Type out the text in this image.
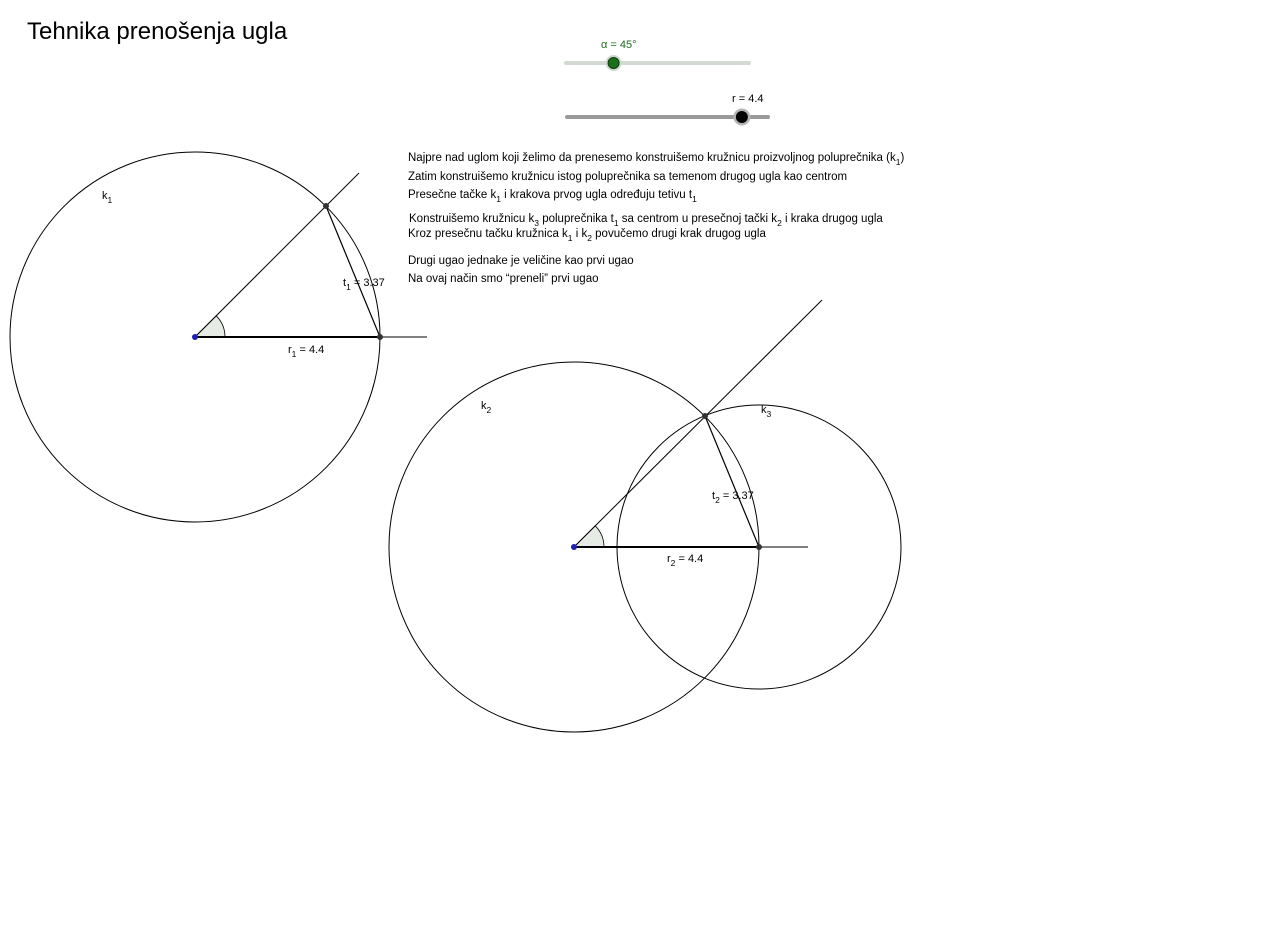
Tehnika prenošenja ugla	α = 45°
r = 4.4
Najpre nad uglom koji želimo da prenesemo konstruišemo kružnicu proizvoljnog poluprečnika $(k_1)$
Zatim konstruišemo kružnicu istog poluprečnika sa temenom drugog ugla kao centrom
Presečne tačke $k_1$ i krakova prvog ugla određuju tetivu $t_1$
Konstruišemo kružnicu $k_3$ poluprečnika $t_1$ sa centrom u presečnoj tački $k_2$ i kraka drugog ugla
Kroz presečnu tačku kružnica $k_1$ i $k_2$ povučemo drugi krak drugog ugla
Drugi ugao jednake je veličine kao prvi ugao
Na ovaj način smo “preneli” prvi ugao
$k_1$
$t_1 = 3.37$
$r_1 = 4.4$
$k_2$	$k_3$
$t_2 = 3.37$
$r_2 = 4.4$
